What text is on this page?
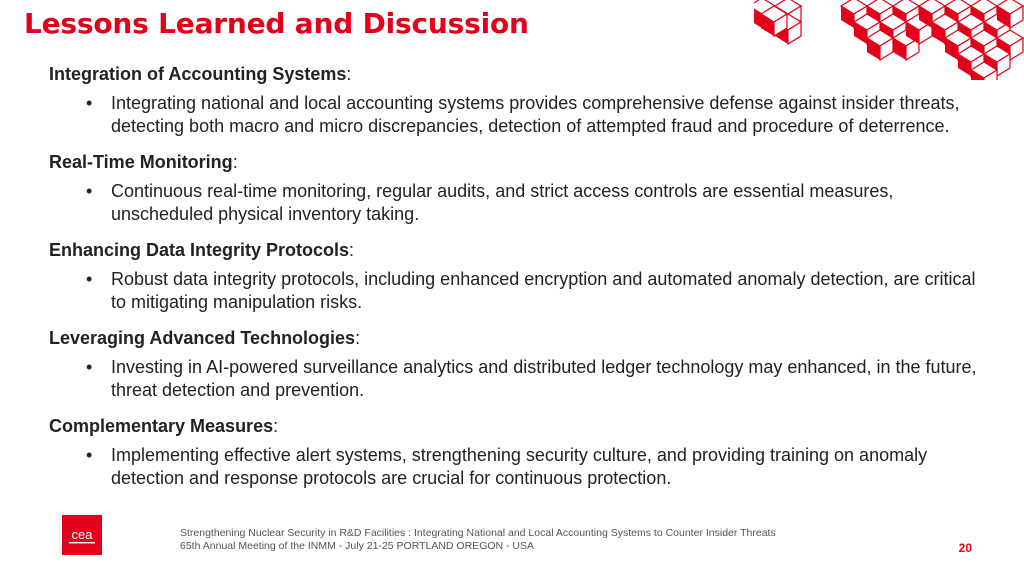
Lessons Learned and Discussion
Integration of Accounting Systems:
• Integrating national and local accounting systems provides comprehensive defense against insider threats, detecting both macro and micro discrepancies, detection of attempted fraud and procedure of deterrence.
Real-Time Monitoring:
• Continuous real-time monitoring, regular audits, and strict access controls are essential measures, unscheduled physical inventory taking.
Enhancing Data Integrity Protocols:
• Robust data integrity protocols, including enhanced encryption and automated anomaly detection, are critical to mitigating manipulation risks.
Leveraging Advanced Technologies:
• Investing in AI-powered surveillance analytics and distributed ledger technology may enhanced, in the future, threat detection and prevention.
Complementary Measures:
• Implementing effective alert systems, strengthening security culture, and providing training on anomaly detection and response protocols are crucial for continuous protection.
cea	Strengthening Nuclear Security in R&D Facilities : Integrating National and Local Accounting Systems to Counter Insider Threats
65th Annual Meeting of the INMM - July 21-25 PORTLAND OREGON - USA	20
